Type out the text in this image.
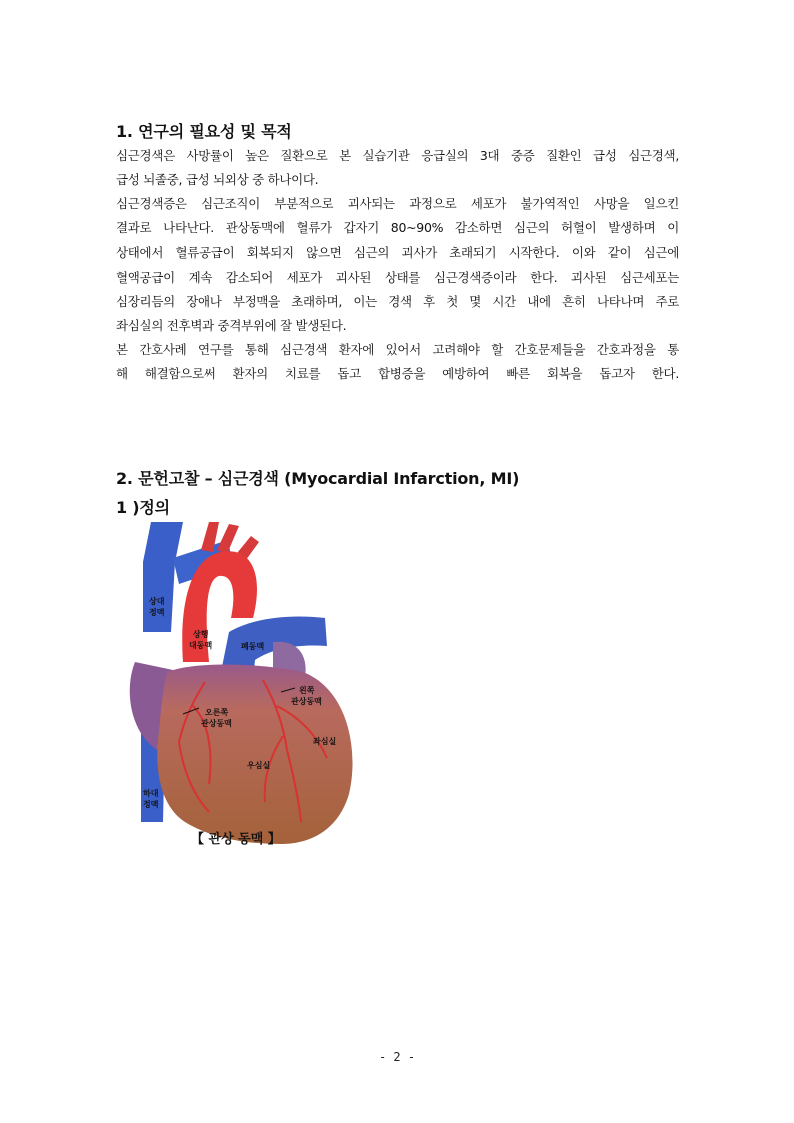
1. 연구의 필요성 및 목적

심근경색은 사망률이 높은 질환으로 본 실습기관 응급실의 3대 중증 질환인 급성 심근경색,

급성 뇌졸중, 급성 뇌외상 중 하나이다.

심근경색증은 심근조직이 부분적으로 괴사되는 과정으로 세포가 불가역적인 사망을 일으킨

결과로 나타난다. 관상동맥에 혈류가 갑자기 80~90% 감소하면 심근의 허혈이 발생하며 이

상태에서 혈류공급이 회복되지 않으면 심근의 괴사가 초래되기 시작한다. 이와 같이 심근에

혈액공급이 계속 감소되어 세포가 괴사된 상태를 심근경색증이라 한다. 괴사된 심근세포는

심장리듬의 장애나 부정맥을 초래하며, 이는 경색 후 첫 몇 시간 내에 흔히 나타나며 주로

좌심실의 전후벽과 중격부위에 잘 발생된다.

본 간호사례 연구를 통해 심근경색 환자에 있어서 고려해야 할 간호문제들을 간호과정을 통

해 해결함으로써 환자의 치료를 돕고 합병증을 예방하여 빠른 회복을 돕고자 한다.

2. 문헌고찰 – 심근경색 (Myocardial Infarction, MI)
1 )정의
상대
정맥
상행
대동맥	폐동맥
왼쪽
관상동맥
오른쪽
관상동맥
좌심실
우심실
하대
정맥
【 관상 동맥 】
- 2 -
